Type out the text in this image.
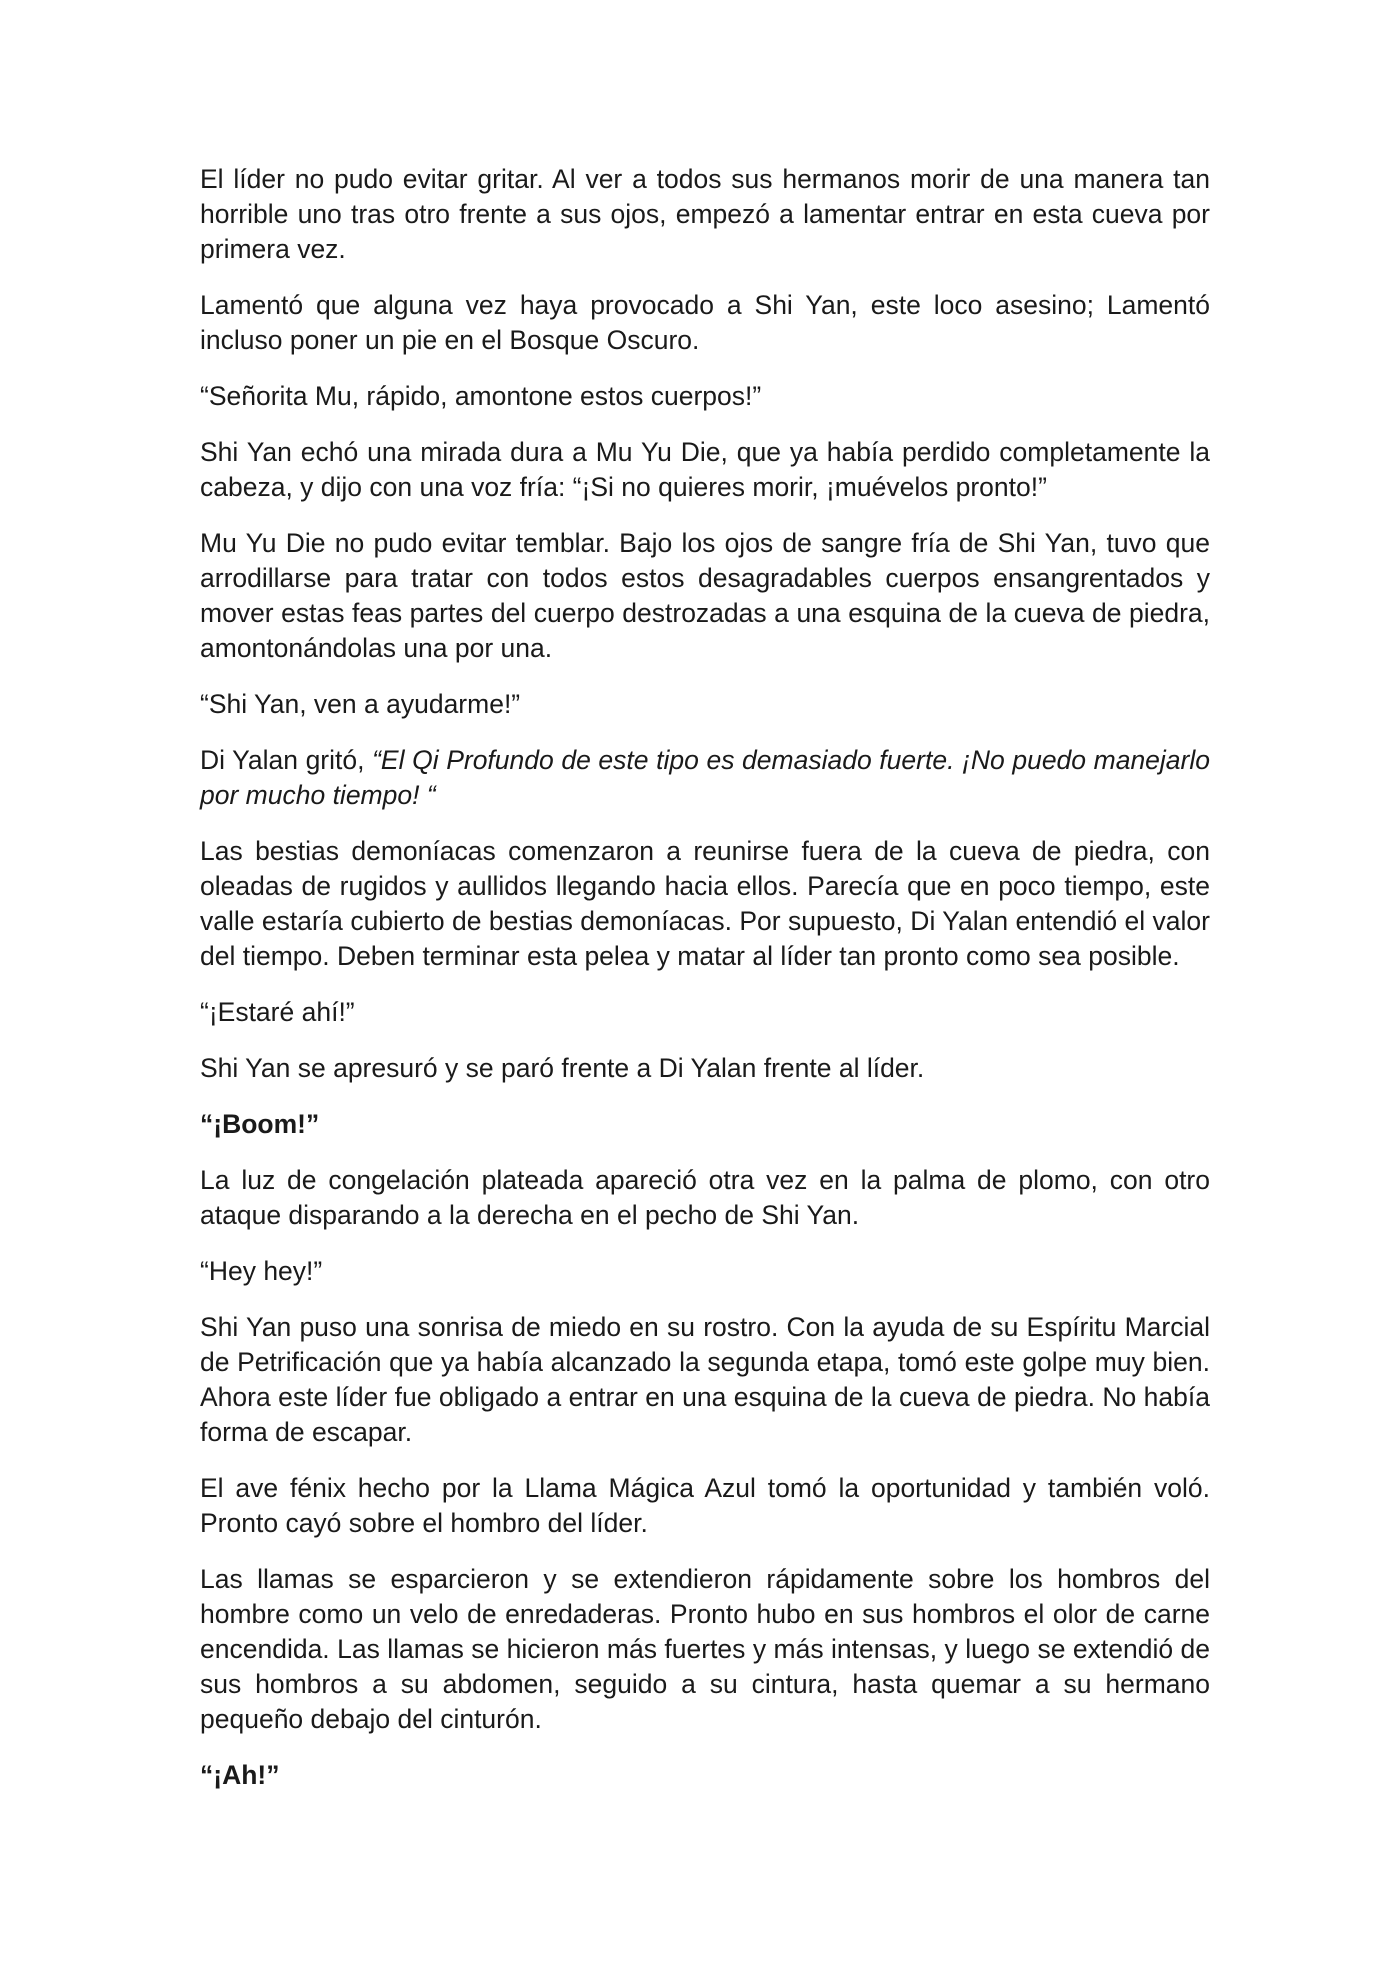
El líder no pudo evitar gritar. Al ver a todos sus hermanos morir de una manera tan horrible uno tras otro frente a sus ojos, empezó a lamentar entrar en esta cueva por primera vez.

Lamentó que alguna vez haya provocado a Shi Yan, este loco asesino; Lamentó incluso poner un pie en el Bosque Oscuro.

“Señorita Mu, rápido, amontone estos cuerpos!”

Shi Yan echó una mirada dura a Mu Yu Die, que ya había perdido completamente la cabeza, y dijo con una voz fría: “¡Si no quieres morir, ¡muévelos pronto!”

Mu Yu Die no pudo evitar temblar. Bajo los ojos de sangre fría de Shi Yan, tuvo que arrodillarse para tratar con todos estos desagradables cuerpos ensangrentados y mover estas feas partes del cuerpo destrozadas a una esquina de la cueva de piedra, amontonándolas una por una.

“Shi Yan, ven a ayudarme!”

Di Yalan gritó, “El Qi Profundo de este tipo es demasiado fuerte. ¡No puedo manejarlo por mucho tiempo! “

Las bestias demoníacas comenzaron a reunirse fuera de la cueva de piedra, con oleadas de rugidos y aullidos llegando hacia ellos. Parecía que en poco tiempo, este valle estaría cubierto de bestias demoníacas. Por supuesto, Di Yalan entendió el valor del tiempo. Deben terminar esta pelea y matar al líder tan pronto como sea posible.

“¡Estaré ahí!”

Shi Yan se apresuró y se paró frente a Di Yalan frente al líder.

“¡Boom!”

La luz de congelación plateada apareció otra vez en la palma de plomo, con otro ataque disparando a la derecha en el pecho de Shi Yan.

“Hey hey!”

Shi Yan puso una sonrisa de miedo en su rostro. Con la ayuda de su Espíritu Marcial de Petrificación que ya había alcanzado la segunda etapa, tomó este golpe muy bien. Ahora este líder fue obligado a entrar en una esquina de la cueva de piedra. No había forma de escapar.

El ave fénix hecho por la Llama Mágica Azul tomó la oportunidad y también voló. Pronto cayó sobre el hombro del líder.

Las llamas se esparcieron y se extendieron rápidamente sobre los hombros del hombre como un velo de enredaderas. Pronto hubo en sus hombros el olor de carne encendida. Las llamas se hicieron más fuertes y más intensas, y luego se extendió de sus hombros a su abdomen, seguido a su cintura, hasta quemar a su hermano pequeño debajo del cinturón.

“¡Ah!”
